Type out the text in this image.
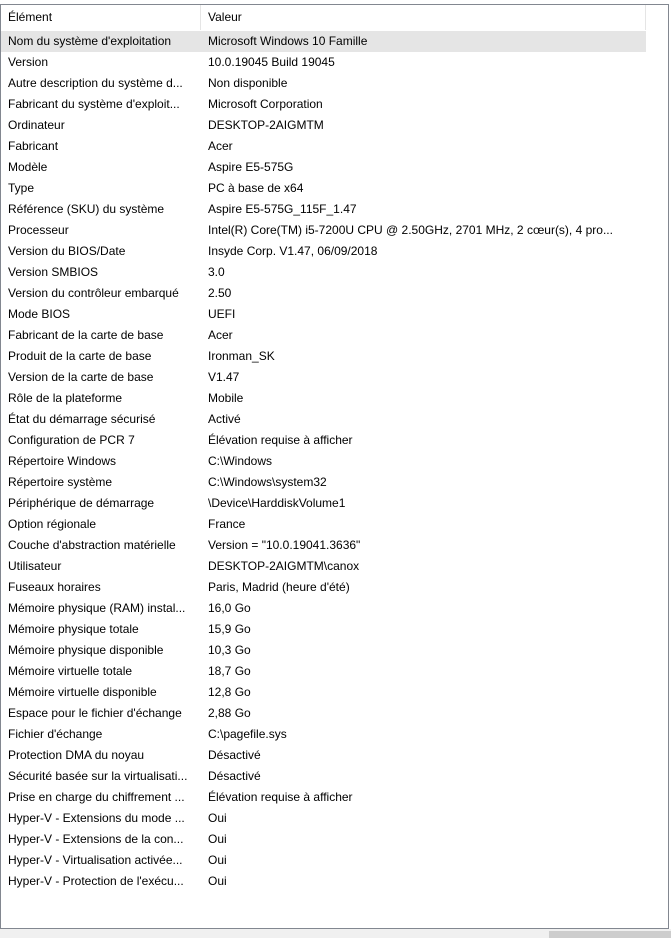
Élément	Valeur
Nom du système d'exploitation	Microsoft Windows 10 Famille
Version	10.0.19045 Build 19045
Autre description du système d...	Non disponible
Fabricant du système d'exploit...	Microsoft Corporation
Ordinateur	DESKTOP-2AIGMTM
Fabricant	Acer
Modèle	Aspire E5-575G
Type	PC à base de x64
Référence (SKU) du système	Aspire E5-575G_115F_1.47
Processeur	Intel(R) Core(TM) i5-7200U CPU @ 2.50GHz, 2701 MHz, 2 cœur(s), 4 pro...
Version du BIOS/Date	Insyde Corp. V1.47, 06/09/2018
Version SMBIOS	3.0
Version du contrôleur embarqué	2.50
Mode BIOS	UEFI
Fabricant de la carte de base	Acer
Produit de la carte de base	Ironman_SK
Version de la carte de base	V1.47
Rôle de la plateforme	Mobile
État du démarrage sécurisé	Activé
Configuration de PCR 7	Élévation requise à afficher
Répertoire Windows	C:\Windows
Répertoire système	C:\Windows\system32
Périphérique de démarrage	\Device\HarddiskVolume1
Option régionale	France
Couche d'abstraction matérielle	Version = "10.0.19041.3636"
Utilisateur	DESKTOP-2AIGMTM\canox
Fuseaux horaires	Paris, Madrid (heure d'été)
Mémoire physique (RAM) instal...	16,0 Go
Mémoire physique totale	15,9 Go
Mémoire physique disponible	10,3 Go
Mémoire virtuelle totale	18,7 Go
Mémoire virtuelle disponible	12,8 Go
Espace pour le fichier d'échange	2,88 Go
Fichier d'échange	C:\pagefile.sys
Protection DMA du noyau	Désactivé
Sécurité basée sur la virtualisati...	Désactivé
Prise en charge du chiffrement ...	Élévation requise à afficher
Hyper-V - Extensions du mode ...	Oui
Hyper-V - Extensions de la con...	Oui
Hyper-V - Virtualisation activée...	Oui
Hyper-V - Protection de l'exécu...	Oui
